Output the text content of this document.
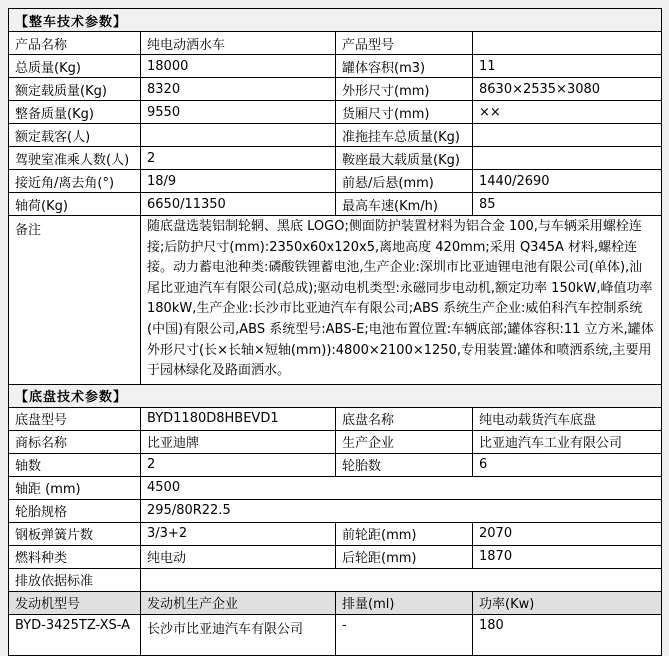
【整车技术参数】			
产品名称	纯电动洒水车	产品型号	
总质量(Kg)	18000	罐体容积(m3)	11
额定载质量(Kg)	8320	外形尺寸(mm)	8630×2535×3080
整备质量(Kg)	9550	货厢尺寸(mm)	××
额定载客(人)		准拖挂车总质量(Kg)	
驾驶室准乘人数(人)	2	鞍座最大载质量(Kg)	
接近角/离去角(°)	18/9	前悬/后悬(mm)	1440/2690
轴荷(Kg)	6650/11350	最高车速(Km/h)	85
备注	随底盘选装铝制轮辋、黑底 LOGO;侧面防护装置材料为铝合金 100,与车辆采用螺栓连接;后防护尺寸(mm):2350x60x120x5,离地高度 420mm;采用 Q345A 材料,螺栓连接。动力蓄电池种类:磷酸铁锂蓄电池,生产企业:深圳市比亚迪锂电池有限公司(单体),汕尾比亚迪汽车有限公司(总成);驱动电机类型:永磁同步电动机,额定功率 150kW,峰值功率 180kW,生产企业:长沙市比亚迪汽车有限公司;ABS 系统生产企业:威伯科汽车控制系统(中国)有限公司,ABS 系统型号:ABS-E;电池布置位置:车辆底部;罐体容积:11 立方米,罐体外形尺寸(长×长轴×短轴(mm)):4800×2100×1250,专用装置:罐体和喷洒系统,主要用于园林绿化及路面洒水。		
【底盘技术参数】			
底盘型号	BYD1180D8HBEVD1	底盘名称	纯电动载货汽车底盘
商标名称	比亚迪牌	生产企业	比亚迪汽车工业有限公司
轴数	2	轮胎数	6
轴距 (mm)	4500		
轮胎规格	295/80R22.5		
钢板弹簧片数	3/3+2	前轮距(mm)	2070
燃料种类	纯电动	后轮距(mm)	1870
排放依据标准			
发动机型号	发动机生产企业	排量(ml)	功率(Kw)
BYD-3425TZ-XS-A	长沙市比亚迪汽车有限公司	-	180
